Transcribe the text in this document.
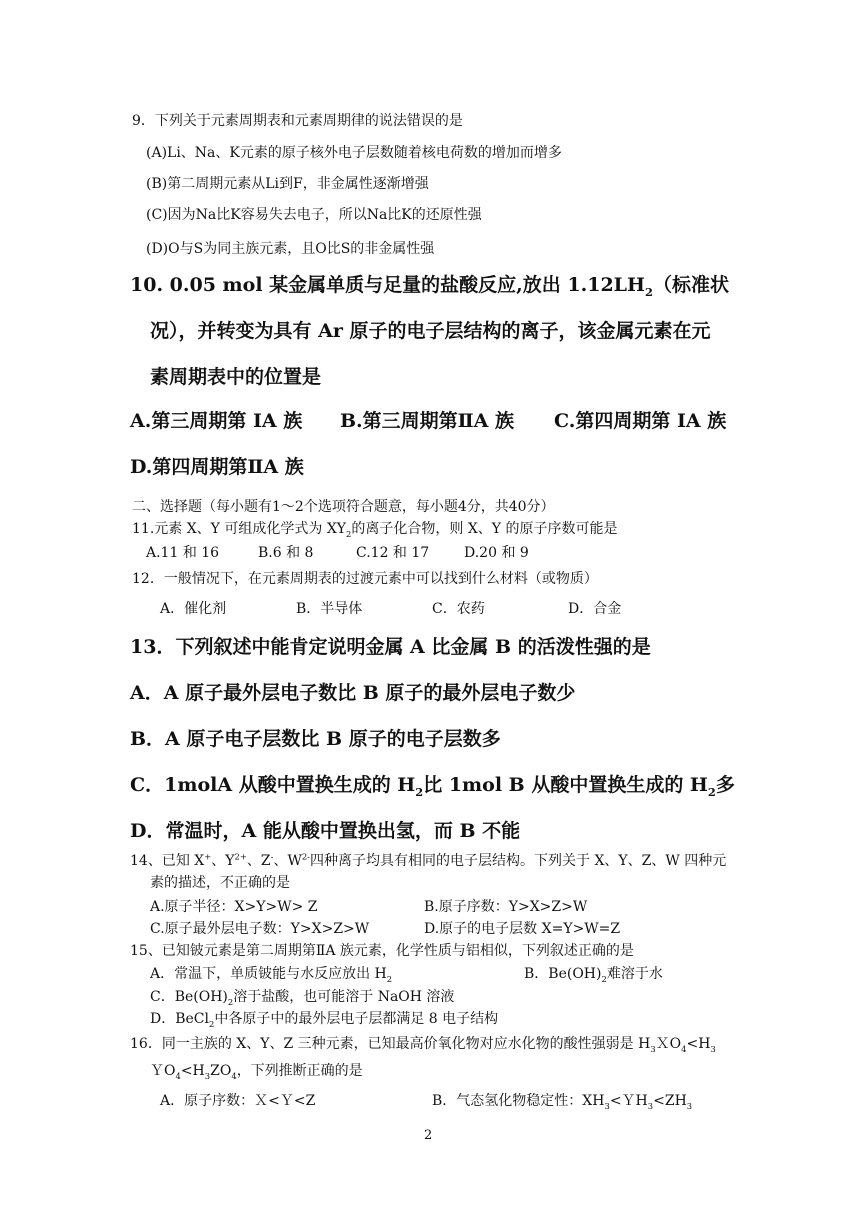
9．下列关于元素周期表和元素周期律的说法错误的是
(A)Li、Na、K元素的原子核外电子层数随着核电荷数的增加而增多
(B)第二周期元素从Li到F，非金属性逐渐增强
(C)因为Na比K容易失去电子，所以Na比K的还原性强
(D)O与S为同主族元素，且O比S的非金属性强
10. 0.05 mol 某金属单质与足量的盐酸反应,放出 $1.12LH_2$（标准状
况），并转变为具有 Ar 原子的电子层结构的离子，该金属元素在元
素周期表中的位置是
A.第三周期第 IA 族 B.第三周期第ⅡA 族 C.第四周期第 IA 族
D.第四周期第ⅡA 族
二、选择题（每小题有1～2个选项符合题意，每小题4分，共40分）
11.元素 X、Y 可组成化学式为 $XY_2$的离子化合物，则 X、Y 的原子序数可能是
A.11 和 16	B.6 和 8	C.12 和 17 D.20 和 9
12．一般情况下，在元素周期表的过渡元素中可以找到什么材料（或物质）
A．催化剂	B．半导体	C．农药	D．合金
13．下列叙述中能肯定说明金属 A 比金属 B 的活泼性强的是
A．A 原子最外层电子数比 B 原子的最外层电子数少
B．A 原子电子层数比 B 原子的电子层数多
C．1molA 从酸中置换生成的 $H_2$比 1mol B 从酸中置换生成的 $H_2$多
D．常温时，A 能从酸中置换出氢，而 B 不能
14、已知 X+、$Y^{2+}$、Z-、$W^{2-}$四种离子均具有相同的电子层结构。下列关于 X、Y、Z、W 四种元
素的描述，不正确的是
A.原子半径：X>Y>W> Z	B.原子序数：Y>X>Z>W
C.原子最外层电子数：Y>X>Z>W	D.原子的电子层数 X=Y>W=Z
15、已知铍元素是第二周期第ⅡA 族元素，化学性质与铝相似，下列叙述正确的是
A．常温下，单质铍能与水反应放出 $H_2$	B．$Be(OH)_2$难溶于水
C．$Be(OH)_2$溶于盐酸，也可能溶于 NaOH 溶液
D．BeCl$_2$中各原子中的最外层电子层都满足 8 电子结构
16．同一主族的 X、Y、Z 三种元素，已知最高价氧化物对应水化物的酸性强弱是 $H_3XO_4<H_3$
$YO_4<H_3ZO_4$，下列推断正确的是
A．原子序数：Ｘ<Ｙ<Z	B．气态氢化物稳定性：$XH_3<YH_3<ZH_3$
2
